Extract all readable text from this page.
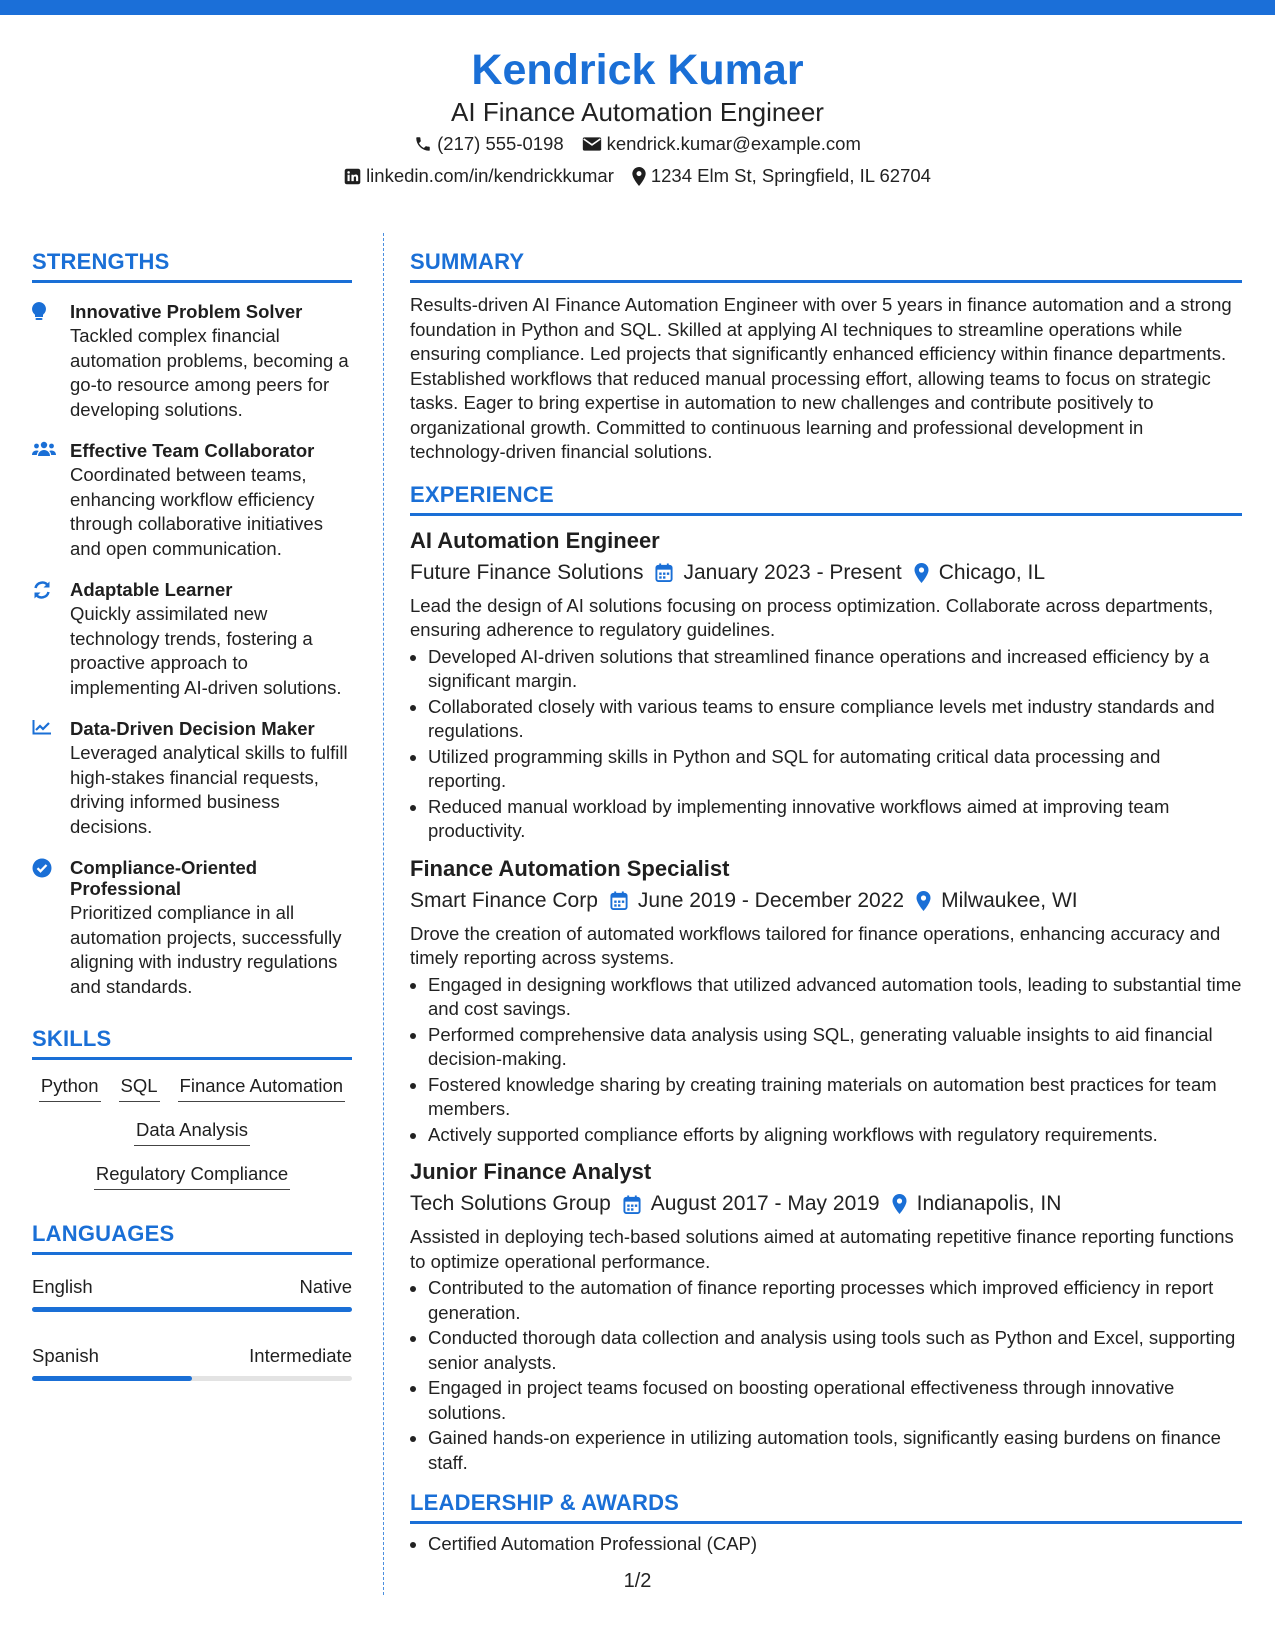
Kendrick Kumar
AI Finance Automation Engineer
(217) 555-0198 kendrick.kumar@example.com
linkedin.com/in/kendrickkumar 1234 Elm St, Springfield, IL 62704
STRENGTHS
Innovative Problem Solver
Tackled complex financial automation problems, becoming a go-to resource among peers for developing solutions.
Effective Team Collaborator
Coordinated between teams, enhancing workflow efficiency through collaborative initiatives and open communication.
Adaptable Learner
Quickly assimilated new technology trends, fostering a proactive approach to implementing AI-driven solutions.
Data-Driven Decision Maker
Leveraged analytical skills to fulfill high-stakes financial requests, driving informed business decisions.
Compliance-Oriented Professional
Prioritized compliance in all automation projects, successfully aligning with industry regulations and standards.
SKILLS
Python SQL Finance Automation
Data Analysis
Regulatory Compliance
LANGUAGES
English	Native
Spanish	Intermediate
SUMMARY
Results-driven AI Finance Automation Engineer with over 5 years in finance automation and a strong foundation in Python and SQL. Skilled at applying AI techniques to streamline operations while ensuring compliance. Led projects that significantly enhanced efficiency within finance departments. Established workflows that reduced manual processing effort, allowing teams to focus on strategic tasks. Eager to bring expertise in automation to new challenges and contribute positively to organizational growth. Committed to continuous learning and professional development in technology-driven financial solutions.
EXPERIENCE
AI Automation Engineer
Future Finance Solutions January 2023 - Present Chicago, IL
Lead the design of AI solutions focusing on process optimization. Collaborate across departments, ensuring adherence to regulatory guidelines.
• Developed AI-driven solutions that streamlined finance operations and increased efficiency by a significant margin.
• Collaborated closely with various teams to ensure compliance levels met industry standards and regulations.
• Utilized programming skills in Python and SQL for automating critical data processing and reporting.
• Reduced manual workload by implementing innovative workflows aimed at improving team productivity.
Finance Automation Specialist
Smart Finance Corp June 2019 - December 2022 Milwaukee, WI
Drove the creation of automated workflows tailored for finance operations, enhancing accuracy and timely reporting across systems.
• Engaged in designing workflows that utilized advanced automation tools, leading to substantial time and cost savings.
• Performed comprehensive data analysis using SQL, generating valuable insights to aid financial decision-making.
• Fostered knowledge sharing by creating training materials on automation best practices for team members.
• Actively supported compliance efforts by aligning workflows with regulatory requirements.
Junior Finance Analyst
Tech Solutions Group August 2017 - May 2019 Indianapolis, IN
Assisted in deploying tech-based solutions aimed at automating repetitive finance reporting functions to optimize operational performance.
• Contributed to the automation of finance reporting processes which improved efficiency in report generation.
• Conducted thorough data collection and analysis using tools such as Python and Excel, supporting senior analysts.
• Engaged in project teams focused on boosting operational effectiveness through innovative solutions.
• Gained hands-on experience in utilizing automation tools, significantly easing burdens on finance staff.
LEADERSHIP & AWARDS
• Certified Automation Professional (CAP)
1/2
